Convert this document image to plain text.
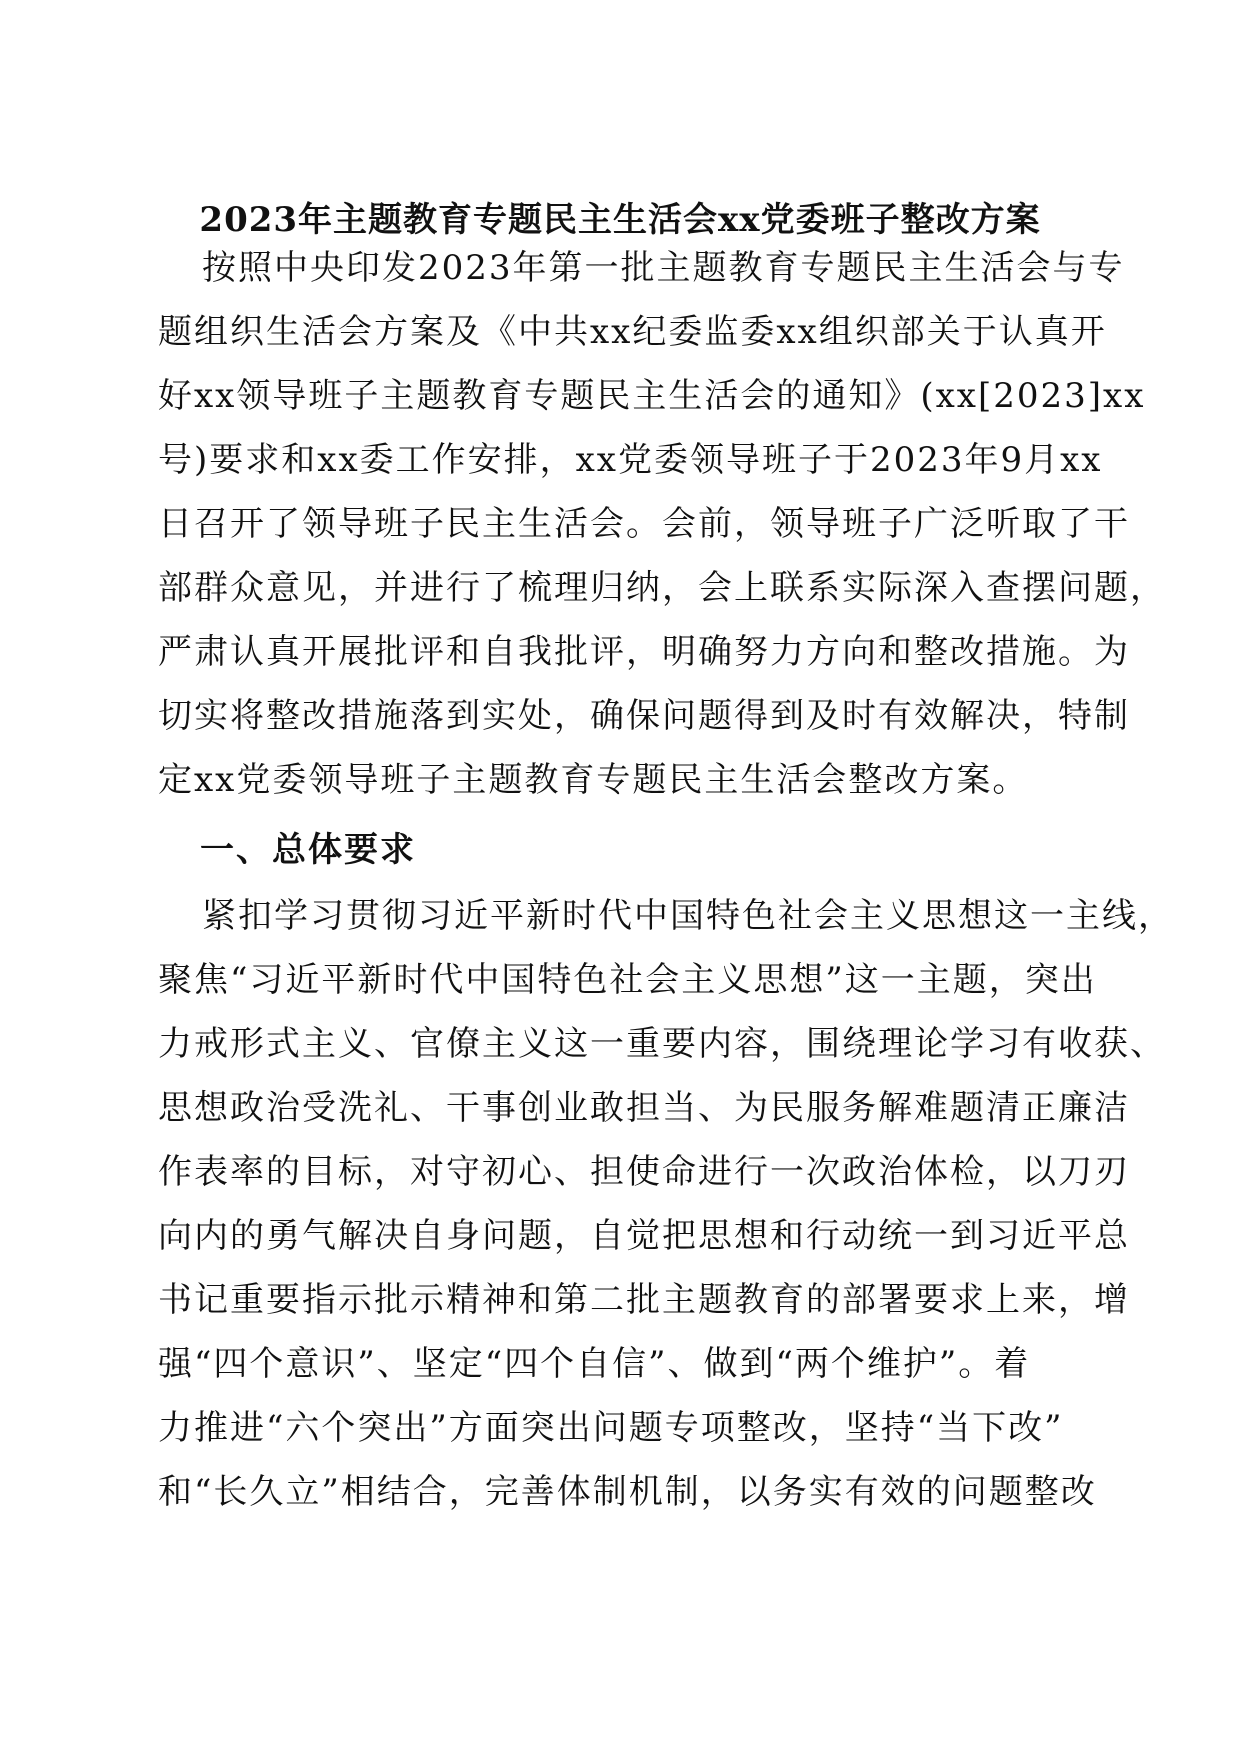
2023年主题教育专题民主生活会xx党委班子整改方案
按照中央印发2023年第一批主题教育专题民主生活会与专
题组织生活会方案及《中共xx纪委监委xx组织部关于认真开
好xx领导班子主题教育专题民主生活会的通知》(xx[2023]xx
号)要求和xx委工作安排，xx党委领导班子于2023年9月xx
日召开了领导班子民主生活会。会前，领导班子广泛听取了干
部群众意见，并进行了梳理归纳，会上联系实际深入查摆问题，
严肃认真开展批评和自我批评，明确努力方向和整改措施。为
切实将整改措施落到实处，确保问题得到及时有效解决，特制
定xx党委领导班子主题教育专题民主生活会整改方案。
一、总体要求
紧扣学习贯彻习近平新时代中国特色社会主义思想这一主线，
聚焦“习近平新时代中国特色社会主义思想”这一主题，突出
力戒形式主义、官僚主义这一重要内容，围绕理论学习有收获、
思想政治受洗礼、干事创业敢担当、为民服务解难题清正廉洁
作表率的目标，对守初心、担使命进行一次政治体检，以刀刃
向内的勇气解决自身问题，自觉把思想和行动统一到习近平总
书记重要指示批示精神和第二批主题教育的部署要求上来，增
强“四个意识”、坚定“四个自信”、做到“两个维护”。着
力推进“六个突出”方面突出问题专项整改，坚持“当下改”
和“长久立”相结合，完善体制机制，以务实有效的问题整改
